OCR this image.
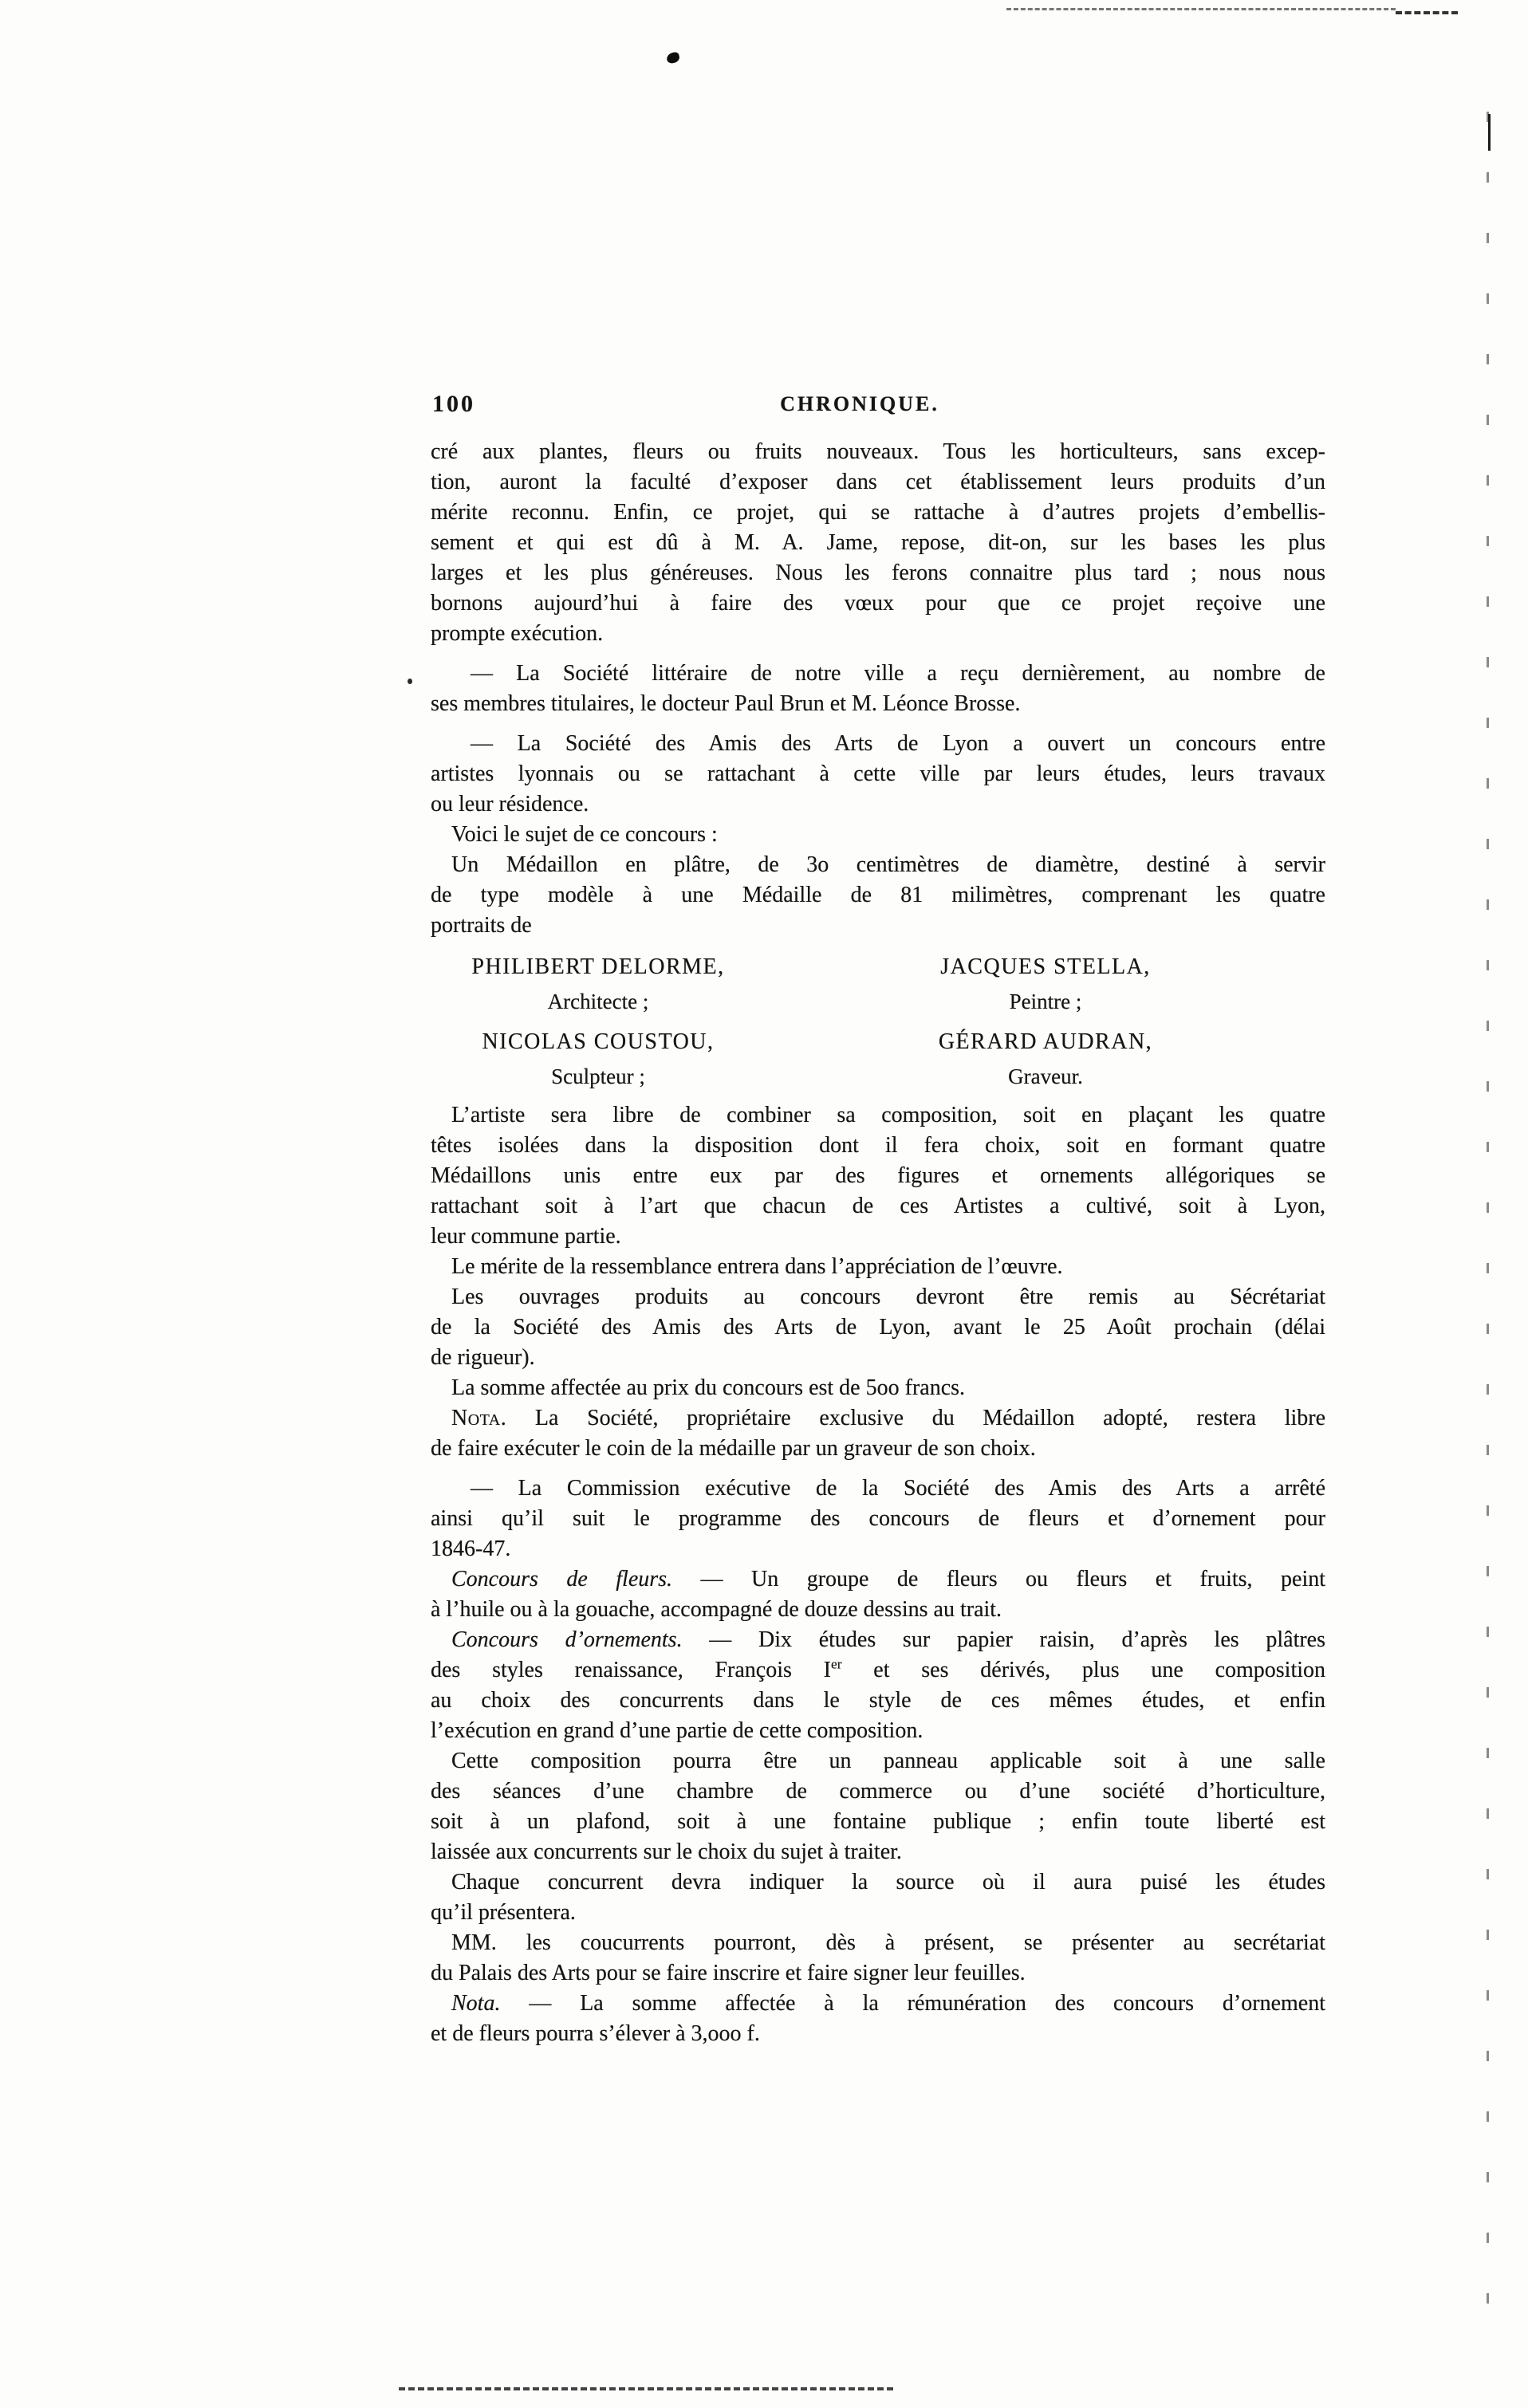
100	CHRONIQUE.
cré aux plantes, fleurs ou fruits nouveaux. Tous les horticulteurs, sans excep-
tion, auront la faculté d’exposer dans cet établissement leurs produits d’un
mérite reconnu. Enfin, ce projet, qui se rattache à d’autres projets d’embellis-
sement et qui est dû à M. A. Jame, repose, dit-on, sur les bases les plus
larges et les plus généreuses. Nous les ferons connaitre plus tard ; nous nous
bornons aujourd’hui à faire des vœux pour que ce projet reçoive une
prompte exécution.
— La Société littéraire de notre ville a reçu dernièrement, au nombre de
ses membres titulaires, le docteur Paul Brun et M. Léonce Brosse.
— La Société des Amis des Arts de Lyon a ouvert un concours entre
artistes lyonnais ou se rattachant à cette ville par leurs études, leurs travaux
ou leur résidence.
Voici le sujet de ce concours :
Un Médaillon en plâtre, de 3o centimètres de diamètre, destiné à servir
de type modèle à une Médaille de 81 milimètres, comprenant les quatre
portraits de
PHILIBERT DELORME,
Architecte ;
JACQUES STELLA,
Peintre ;
NICOLAS COUSTOU,
Sculpteur ;
GÉRARD AUDRAN,
Graveur.
L’artiste sera libre de combiner sa composition, soit en plaçant les quatre
têtes isolées dans la disposition dont il fera choix, soit en formant quatre
Médaillons unis entre eux par des figures et ornements allégoriques se
rattachant soit à l’art que chacun de ces Artistes a cultivé, soit à Lyon,
leur commune partie.
Le mérite de la ressemblance entrera dans l’appréciation de l’œuvre.
Les ouvrages produits au concours devront être remis au Sécrétariat
de la Société des Amis des Arts de Lyon, avant le 25 Août prochain (délai
de rigueur).
La somme affectée au prix du concours est de 5oo francs.
Nota. La Société, propriétaire exclusive du Médaillon adopté, restera libre
de faire exécuter le coin de la médaille par un graveur de son choix.
— La Commission exécutive de la Société des Amis des Arts a arrêté
ainsi qu’il suit le programme des concours de fleurs et d’ornement pour
1846-47.
Concours de fleurs. — Un groupe de fleurs ou fleurs et fruits, peint
à l’huile ou à la gouache, accompagné de douze dessins au trait.
Concours d’ornements. — Dix études sur papier raisin, d’après les plâtres
des styles renaissance, François Ier et ses dérivés, plus une composition
au choix des concurrents dans le style de ces mêmes études, et enfin
l’exécution en grand d’une partie de cette composition.
Cette composition pourra être un panneau applicable soit à une salle
des séances d’une chambre de commerce ou d’une société d’horticulture,
soit à un plafond, soit à une fontaine publique ; enfin toute liberté est
laissée aux concurrents sur le choix du sujet à traiter.
Chaque concurrent devra indiquer la source où il aura puisé les études
qu’il présentera.
MM. les coucurrents pourront, dès à présent, se présenter au secrétariat
du Palais des Arts pour se faire inscrire et faire signer leur feuilles.
Nota. — La somme affectée à la rémunération des concours d’ornement
et de fleurs pourra s’élever à 3,ooo f.
